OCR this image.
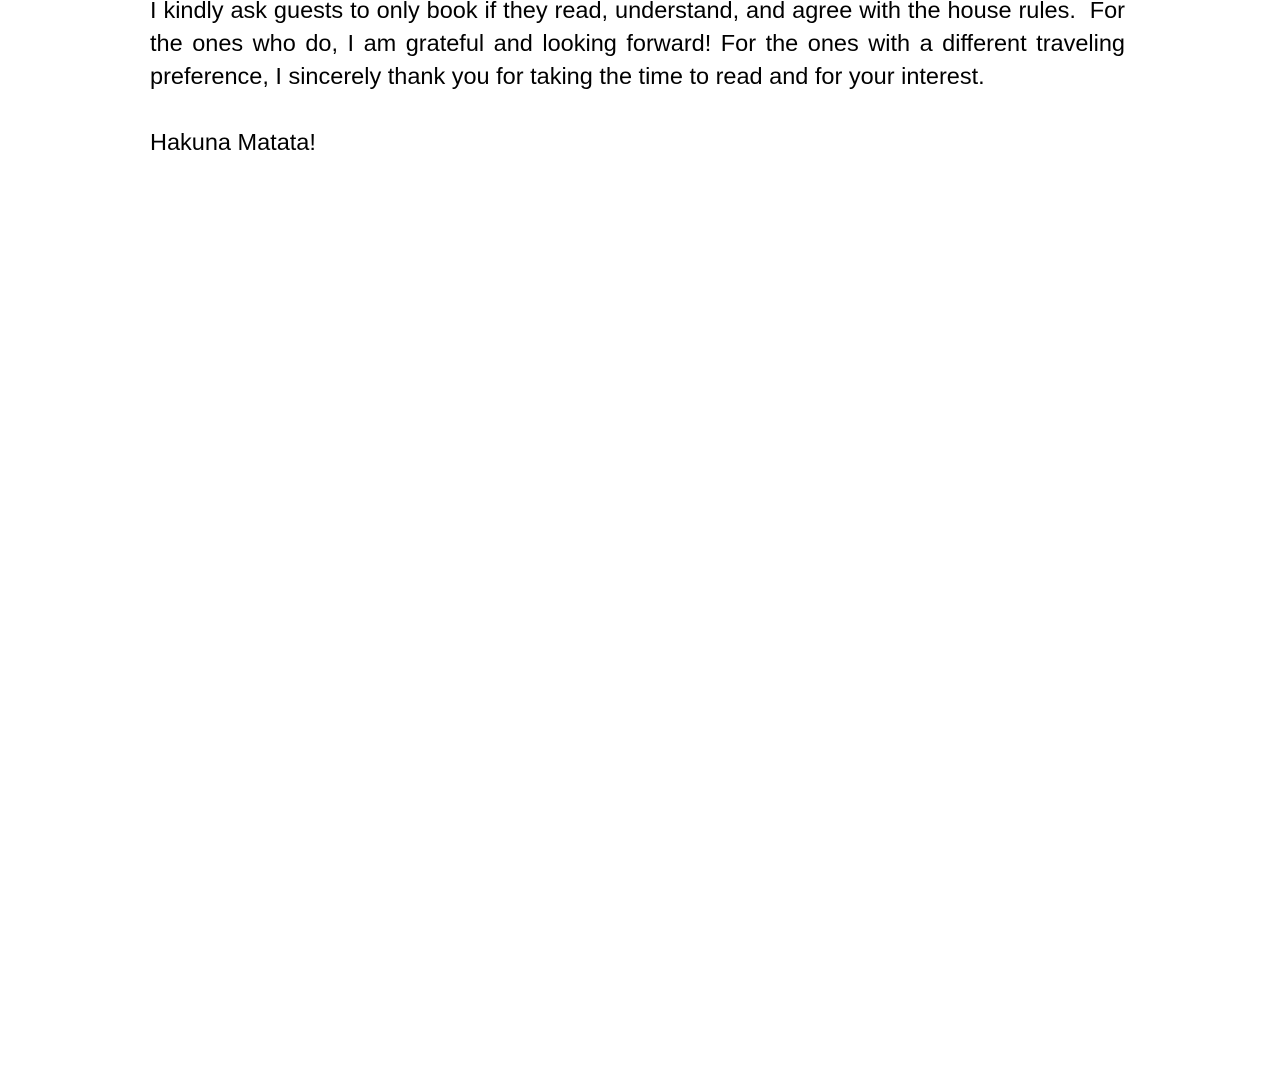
I kindly ask guests to only book if they read, understand, and agree with the house rules.  For the ones who do, I am grateful and looking forward! For the ones with a different traveling preference, I sincerely thank you for taking the time to read and for your interest.

Hakuna Matata!
